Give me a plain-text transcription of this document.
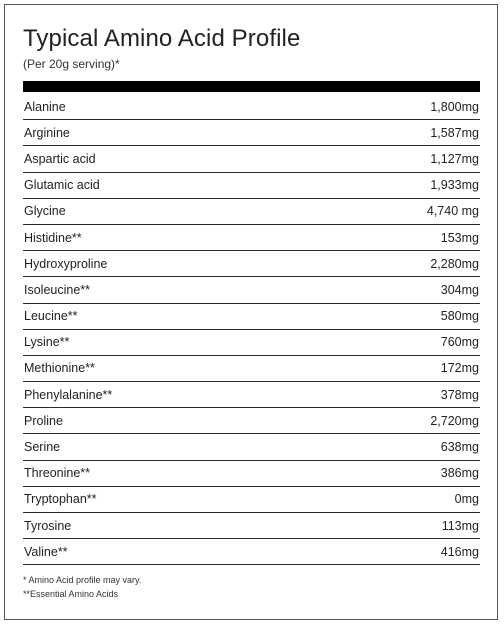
Typical Amino Acid Profile

(Per 20g serving)*

Alanine	1,800mg
Arginine	1,587mg
Aspartic acid	1,127mg
Glutamic acid	1,933mg
Glycine	4,740 mg
Histidine**	153mg
Hydroxyproline	2,280mg
Isoleucine**	304mg
Leucine**	580mg
Lysine**	760mg
Methionine**	172mg
Phenylalanine**	378mg
Proline	2,720mg
Serine	638mg
Threonine**	386mg
Tryptophan**	0mg
Tyrosine	113mg
Valine**	416mg
* Amino Acid profile may vary.
**Essential Amino Acids
